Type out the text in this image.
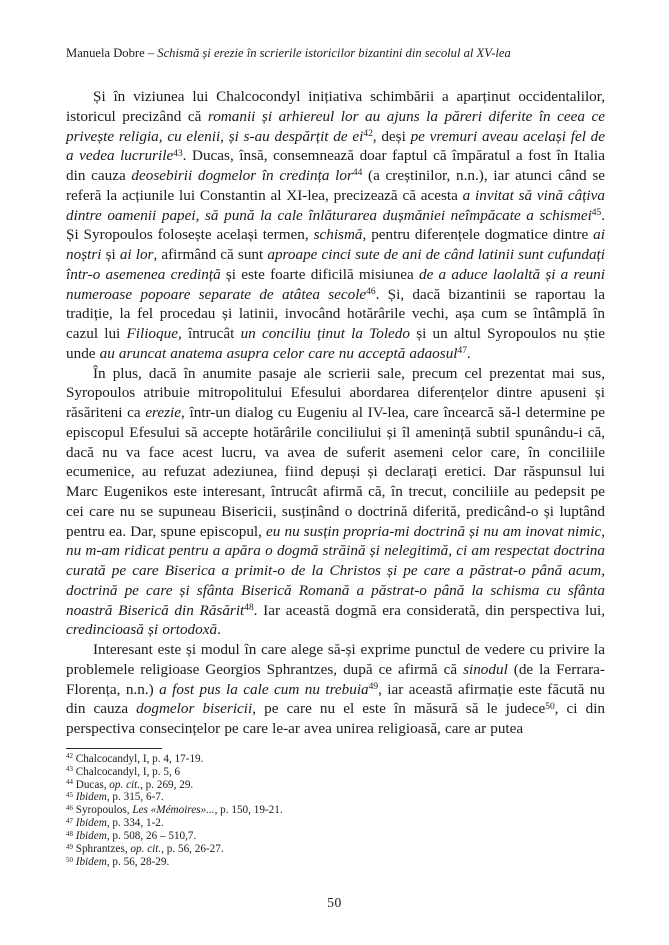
Manuela Dobre – Schismă și erezie în scrierile istoricilor bizantini din secolul al XV-lea

Și în viziunea lui Chalcocondyl inițiativa schimbării a aparținut occidentalilor, istoricul precizând că romanii și arhiereul lor au ajuns la păreri diferite în ceea ce privește religia, cu elenii, și s-au despărțit de $ei^{42}$, deși pe vremuri aveau același fel de a vedea lucrurile$^{43}$. Ducas, însă, consemnează doar faptul că împăratul a fost în Italia din cauza deosebirii dogmelor în credința lor$^{44}$ (a creștinilor, n.n.), iar atunci când se referă la acțiunile lui Constantin al XI-lea, precizează că acesta a invitat să vină câțiva dintre oamenii papei, să pună la cale înlăturarea dușmăniei neîmpăcate a schismei$^{45}$. Și Syropoulos folosește același termen, schismă, pentru diferențele dogmatice dintre ai noștri și ai lor, afirmând că sunt aproape cinci sute de ani de când latinii sunt cufundați într-o asemenea credință și este foarte dificilă misiunea de a aduce laolaltă și a reuni numeroase popoare separate de atâtea secole$^{46}$. Și, dacă bizantinii se raportau la tradiție, la fel procedau și latinii, invocând hotărârile vechi, așa cum se întâmplă în cazul lui Filioque, întrucât un conciliu ținut la Toledo și un altul Syropoulos nu știe unde au aruncat anatema asupra celor care nu acceptă adaosul$^{47}$.

În plus, dacă în anumite pasaje ale scrierii sale, precum cel prezentat mai sus, Syropoulos atribuie mitropolitului Efesului abordarea diferențelor dintre apuseni și răsăriteni ca erezie, într-un dialog cu Eugeniu al IV-lea, care încearcă să-l determine pe episcopul Efesului să accepte hotărârile conciliului și îl amenință subtil spunându-i că, dacă nu va face acest lucru, va avea de suferit asemeni celor care, în conciliile ecumenice, au refuzat adeziunea, fiind depuși și declarați eretici. Dar răspunsul lui Marc Eugenikos este interesant, întrucât afirmă că, în trecut, conciliile au pedepsit pe cei care nu se supuneau Bisericii, susținând o doctrină diferită, predicând-o și luptând pentru ea. Dar, spune episcopul, eu nu susțin propria-mi doctrină și nu am inovat nimic, nu m-am ridicat pentru a apăra o dogmă străină și nelegitimă, ci am respectat doctrina curată pe care Biserica a primit-o de la Christos și pe care a păstrat-o până acum, doctrină pe care și sfânta Biserică Romană a păstrat-o până la schisma cu sfânta noastră Biserică din Răsărit$^{48}$. Iar această dogmă era considerată, din perspectiva lui, credincioasă și ortodoxă.

Interesant este și modul în care alege să-și exprime punctul de vedere cu privire la problemele religioase Georgios Sphrantzes, după ce afirmă că sinodul (de la Ferrara-Florența, n.n.) a fost pus la cale cum nu trebuia$^{49}$, iar această afirmație este făcută nu din cauza dogmelor bisericii, pe care nu el este în măsură să le judece$^{50}$, ci din perspectiva consecințelor pe care le-ar avea unirea religioasă, care ar putea

$^{42}$ Chalcocandyl, I, p. 4, 17-19.
$^{43}$ Chalcocandyl, I, p. 5, 6
$^{44}$ Ducas, op. cit., p. 269, 29.
$^{45}$ Ibidem, p. 315, 6-7.
$^{46}$ Syropoulos, Les «Mémoires»..., p. 150, 19-21.
$^{47}$ Ibidem, p. 334, 1-2.
$^{48}$ Ibidem, p. 508, 26 – 510,7.
$^{49}$ Sphrantzes, op. cit., p. 56, 26-27.
$^{50}$ Ibidem, p. 56, 28-29.
50
